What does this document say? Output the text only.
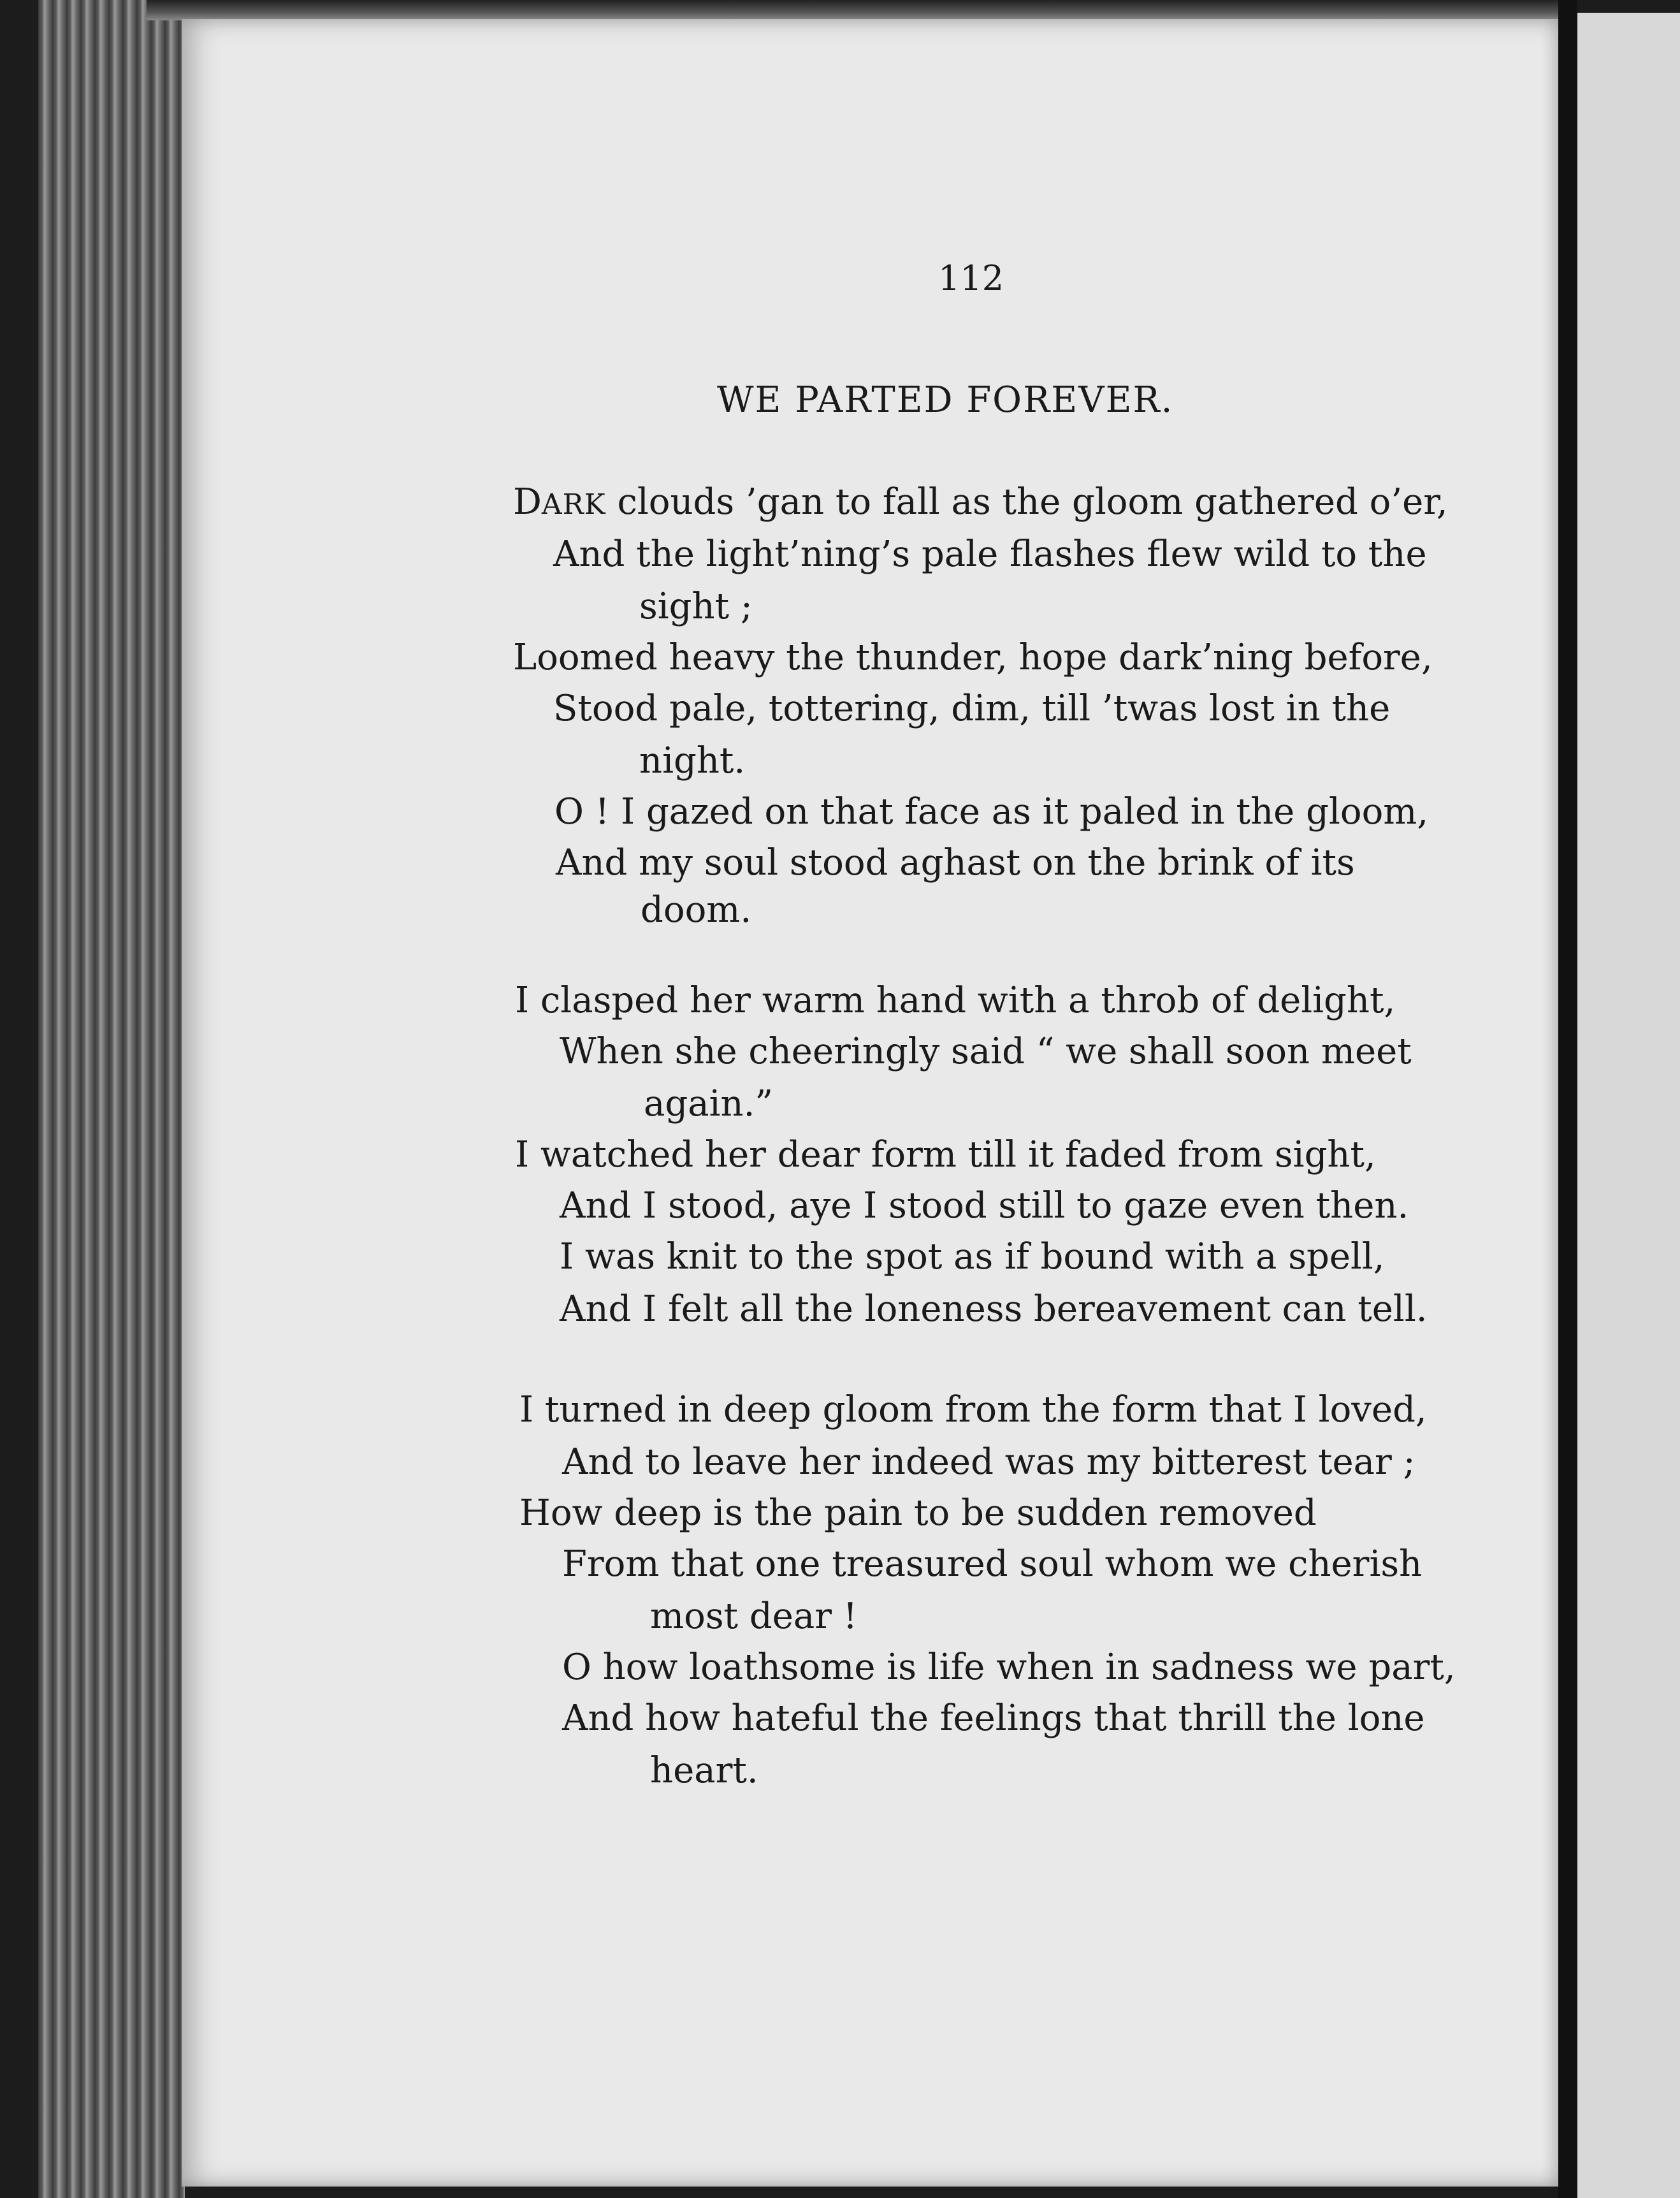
112
WE PARTED FOREVER.
DARK clouds ’gan to fall as the gloom gathered o’er,
And the light’ning’s pale flashes flew wild to the
sight ;
Loomed heavy the thunder, hope dark’ning before,
Stood pale, tottering, dim, till ’twas lost in the
night.
O ! I gazed on that face as it paled in the gloom,
And my soul stood aghast on the brink of its
doom.
I clasped her warm hand with a throb of delight,
When she cheeringly said “ we shall soon meet
again.”
I watched her dear form till it faded from sight,
And I stood, aye I stood still to gaze even then.
I was knit to the spot as if bound with a spell,
And I felt all the loneness bereavement can tell.
I turned in deep gloom from the form that I loved,
And to leave her indeed was my bitterest tear ;
How deep is the pain to be sudden removed
From that one treasured soul whom we cherish
most dear !
O how loathsome is life when in sadness we part,
And how hateful the feelings that thrill the lone
heart.
